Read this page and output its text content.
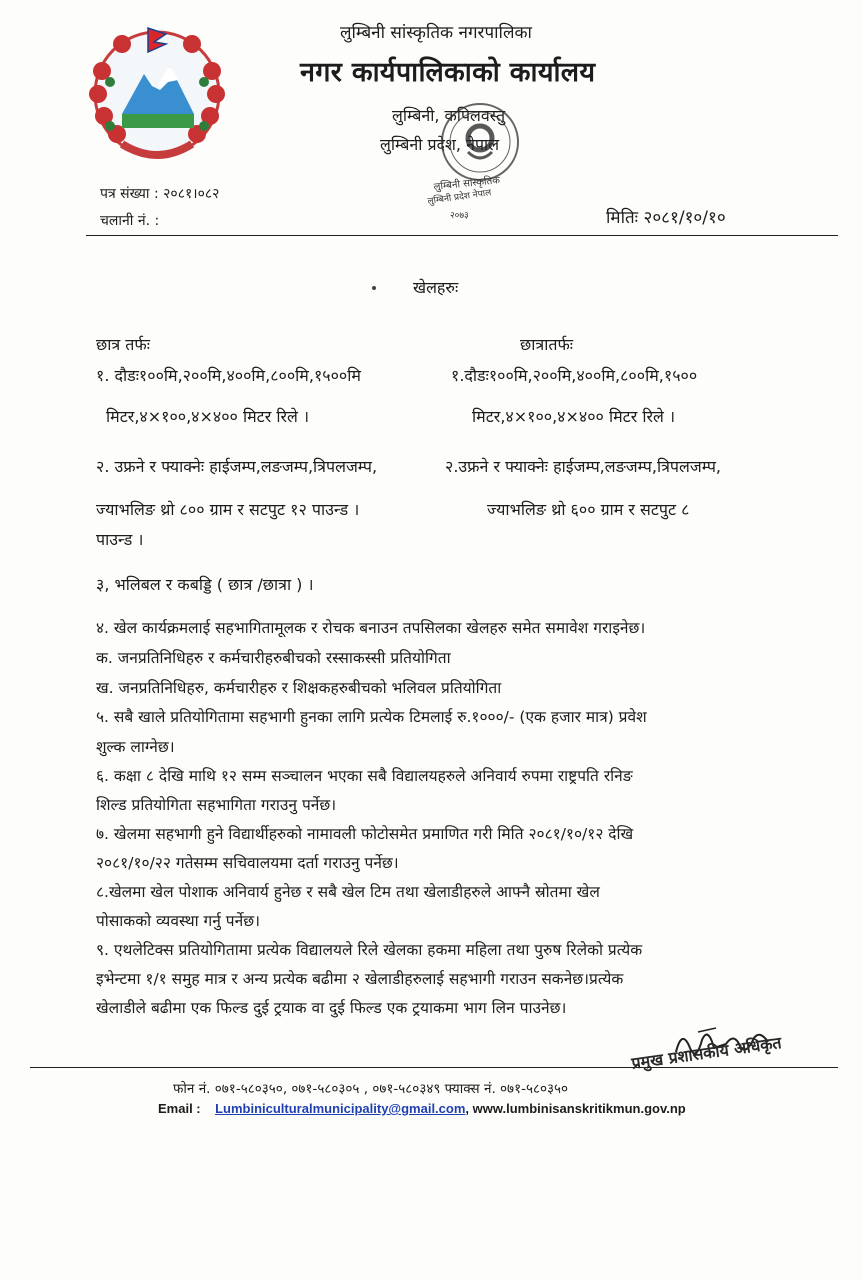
लुम्बिनी सांस्कृतिक नगरपालिका
नगर कार्यपालिकाको कार्यालय
लुम्बिनी, कपिलवस्तु
लुम्बिनी प्रदेश, नेपाल
लुम्बिनी सांस्कृतिक
लुम्बिनी प्रदेश नेपाल
२०७३
पत्र संख्या : २०८१।०८२
चलानी नं. :	मितिः २०८१/१०/१०
खेलहरुः
छात्र तर्फः
१. दौडः१००मि,२००मि,४००मि,८००मि,१५००मि
मिटर,४×१००,४×४०० मिटर रिले ।
२. उफ्रने र फ्याक्नेः हाईजम्प,लङजम्प,त्रिपलजम्प,
ज्याभलिङ थ्रो ८०० ग्राम र सटपुट १२ पाउन्ड ।
पाउन्ड ।
छात्रातर्फः
१.दौडः१००मि,२००मि,४००मि,८००मि,१५००
मिटर,४×१००,४×४०० मिटर रिले ।
२.उफ्रने र फ्याक्नेः हाईजम्प,लङजम्प,त्रिपलजम्प,
ज्याभलिङ थ्रो ६०० ग्राम र सटपुट ८
३, भलिबल र कबड्डि ( छात्र /छात्रा ) ।
४. खेल कार्यक्रमलाई सहभागितामूलक र रोचक बनाउन तपसिलका खेलहरु समेत समावेश गराइनेछ।
क. जनप्रतिनिधिहरु र कर्मचारीहरुबीचको रस्साकस्सी प्रतियोगिता
ख. जनप्रतिनिधिहरु, कर्मचारीहरु र शिक्षकहरुबीचको भलिवल प्रतियोगिता
५. सबै खाले प्रतियोगितामा सहभागी हुनका लागि प्रत्येक टिमलाई रु.१०००/- (एक हजार मात्र) प्रवेश
शुल्क लाग्नेछ।
६. कक्षा ८ देखि माथि १२ सम्म सञ्चालन भएका सबै विद्यालयहरुले अनिवार्य रुपमा राष्ट्रपति रनिङ
शिल्ड प्रतियोगिता सहभागिता गराउनु पर्नेछ।
७. खेलमा सहभागी हुने विद्यार्थीहरुको नामावली फोटोसमेत प्रमाणित गरी मिति २०८१/१०/१२ देखि
२०८१/१०/२२ गतेसम्म सचिवालयमा दर्ता गराउनु पर्नेछ।
८.खेलमा खेल पोशाक अनिवार्य हुनेछ र सबै खेल टिम तथा खेलाडीहरुले आफ्नै स्रोतमा खेल
पोसाकको व्यवस्था गर्नु पर्नेछ।
९. एथलेटिक्स प्रतियोगितामा प्रत्येक विद्यालयले रिले खेलका हकमा महिला तथा पुरुष रिलेको प्रत्येक
इभेन्टमा १/१ समुह मात्र र अन्य प्रत्येक बढीमा २ खेलाडीहरुलाई सहभागी गराउन सकनेछ।प्रत्येक
खेलाडीले बढीमा एक फिल्ड दुई ट्रयाक वा दुई फिल्ड एक ट्रयाकमा भाग लिन पाउनेछ।
प्रमुख प्रशासकीय अधिकृत
फोन नं. ०७१-५८०३५०, ०७१-५८०३०५ , ०७१-५८०३४९ फ्याक्स नं. ०७१-५८०३५०
Email : Lumbiniculturalmunicipality@gmail.com, www.lumbinisanskritikmun.gov.np
